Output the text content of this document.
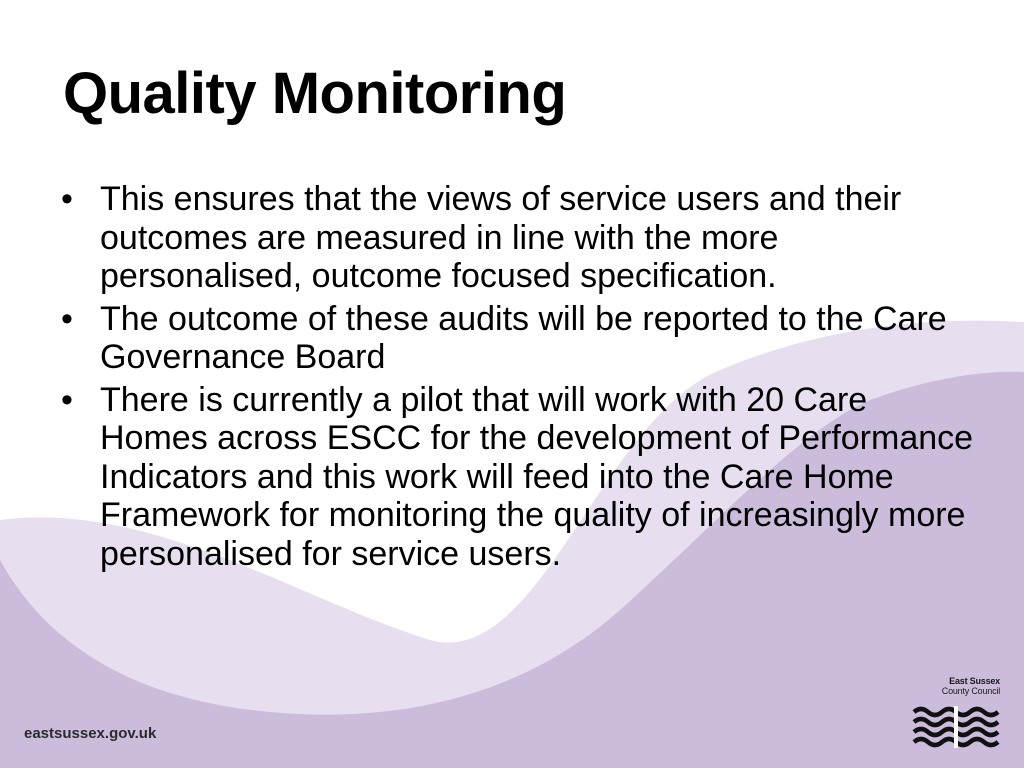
Quality Monitoring
• This ensures that the views of service users and their outcomes are measured in line with the more personalised, outcome focused specification.
• The outcome of these audits will be reported to the Care Governance Board
• There is currently a pilot that will work with 20 Care Homes across ESCC for the development of Performance Indicators and this work will feed into the Care Home Framework for monitoring the quality of increasingly more personalised for service users.
eastsussex.gov.uk
East Sussex
County Council
